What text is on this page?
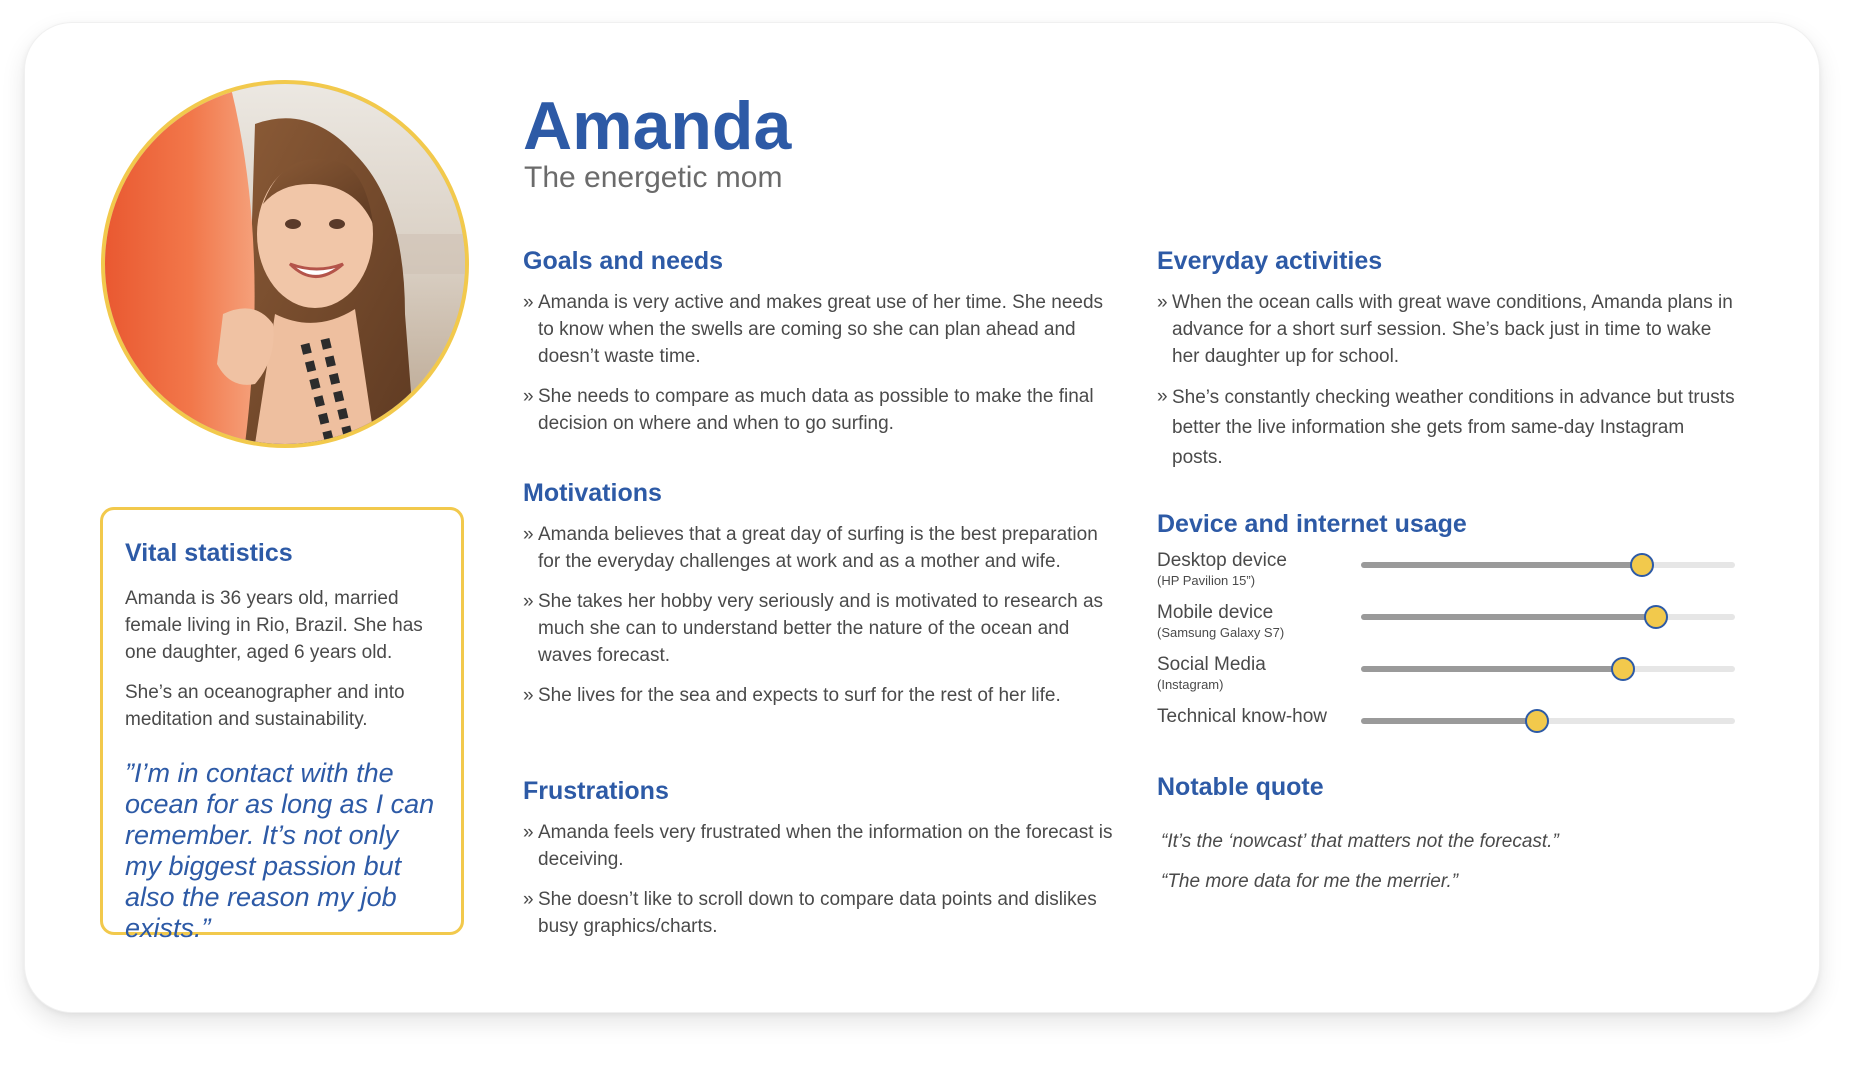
Vital statistics

Amanda is 36 years old, married female living in Rio, Brazil. She has one daughter, aged 6 years old.

She’s an oceanographer and into meditation and sustainability.

”I’m in contact with the ocean for as long as I can remember. It’s not only my biggest passion but also the reason my job exists.”

Amanda
The energetic mom
Goals and needs
» Amanda is very active and makes great use of her time. She needs to know when the swells are coming so she can plan ahead and doesn’t waste time.
» She needs to compare as much data as possible to make the final decision on where and when to go surfing.
Motivations
» Amanda believes that a great day of surfing is the best preparation for the everyday challenges at work and as a mother and wife.
» She takes her hobby very seriously and is motivated to research as much she can to understand better the nature of the ocean and waves forecast.
» She lives for the sea and expects to surf for the rest of her life.
Frustrations
» Amanda feels very frustrated when the information on the forecast is deceiving.
» She doesn’t like to scroll down to compare data points and dislikes busy graphics/charts.
Everyday activities
» When the ocean calls with great wave conditions, Amanda plans in advance for a short surf session. She’s back just in time to wake her daughter up for school.
» She’s constantly checking weather conditions in advance but trusts better the live information she gets from same-day Instagram posts.
Device and internet usage
Desktop device
(HP Pavilion 15”)
Mobile device
(Samsung Galaxy S7)
Social Media
(Instagram)
Technical know-how
Notable quote
“It’s the ‘nowcast’ that matters not the forecast.”
“The more data for me the merrier.”
